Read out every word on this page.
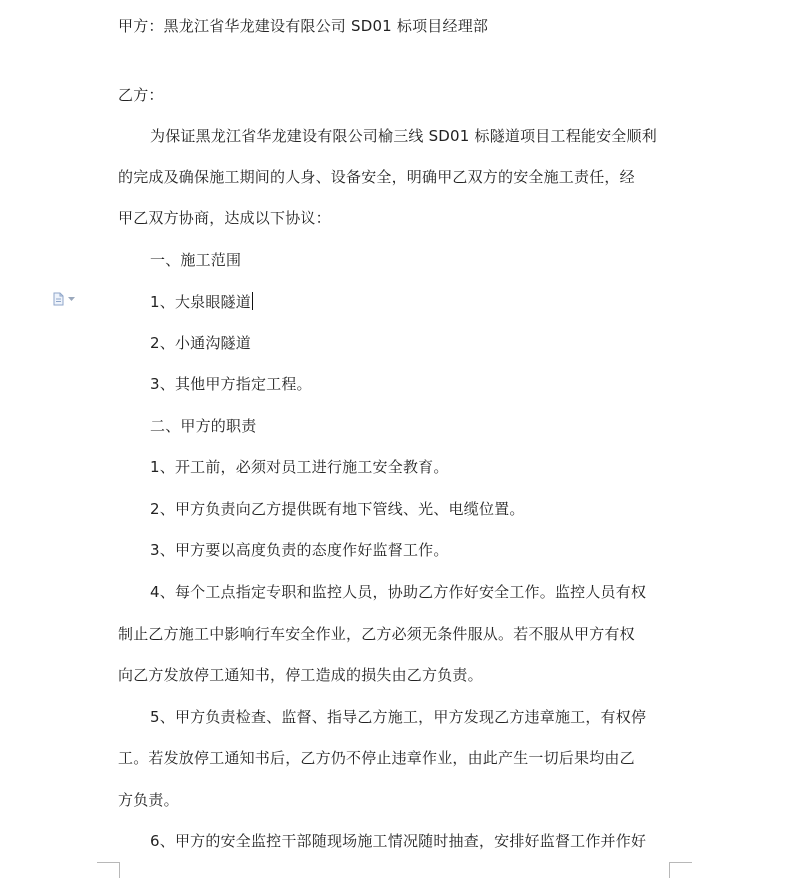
甲方：黑龙江省华龙建设有限公司 SD01 标项目经理部
乙方：
为保证黑龙江省华龙建设有限公司榆三线 SD01 标隧道项目工程能安全顺利
的完成及确保施工期间的人身、设备安全，明确甲乙双方的安全施工责任，经
甲乙双方协商，达成以下协议：
一、施工范围
1、大泉眼隧道
2、小通沟隧道
3、其他甲方指定工程。
二、甲方的职责
1、开工前，必须对员工进行施工安全教育。
2、甲方负责向乙方提供既有地下管线、光、电缆位置。
3、甲方要以高度负责的态度作好监督工作。
4、每个工点指定专职和监控人员，协助乙方作好安全工作。监控人员有权
制止乙方施工中影响行车安全作业，乙方必须无条件服从。若不服从甲方有权
向乙方发放停工通知书，停工造成的损失由乙方负责。
5、甲方负责检查、监督、指导乙方施工，甲方发现乙方违章施工，有权停
工。若发放停工通知书后，乙方仍不停止违章作业，由此产生一切后果均由乙
方负责。
6、甲方的安全监控干部随现场施工情况随时抽查，安排好监督工作并作好
